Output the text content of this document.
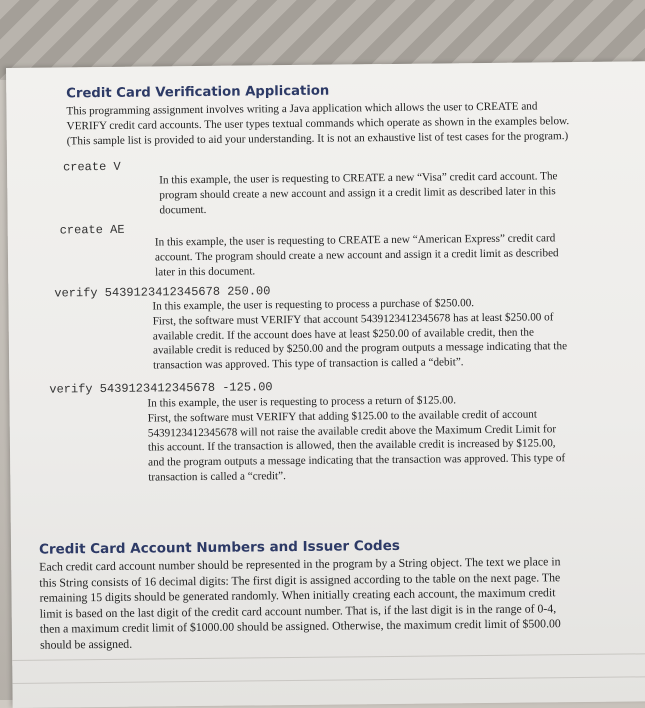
Credit Card Verification Application
This programming assignment involves writing a Java application which allows the user to CREATE and
VERIFY credit card accounts. The user types textual commands which operate as shown in the examples below.
(This sample list is provided to aid your understanding. It is not an exhaustive list of test cases for the program.)
create V
In this example, the user is requesting to CREATE a new “Visa” credit card account. The
program should create a new account and assign it a credit limit as described later in this
document.
create AE
In this example, the user is requesting to CREATE a new “American Express” credit card
account. The program should create a new account and assign it a credit limit as described
later in this document.
verify 5439123412345678 250.00
In this example, the user is requesting to process a purchase of $250.00.
First, the software must VERIFY that account 5439123412345678 has at least $250.00 of
available credit. If the account does have at least $250.00 of available credit, then the
available credit is reduced by $250.00 and the program outputs a message indicating that the
transaction was approved. This type of transaction is called a “debit”.
verify 5439123412345678 -125.00
In this example, the user is requesting to process a return of $125.00.
First, the software must VERIFY that adding $125.00 to the available credit of account
5439123412345678 will not raise the available credit above the Maximum Credit Limit for
this account. If the transaction is allowed, then the available credit is increased by $125.00,
and the program outputs a message indicating that the transaction was approved. This type of
transaction is called a “credit”.
Credit Card Account Numbers and Issuer Codes
Each credit card account number should be represented in the program by a String object. The text we place in
this String consists of 16 decimal digits: The first digit is assigned according to the table on the next page. The
remaining 15 digits should be generated randomly. When initially creating each account, the maximum credit
limit is based on the last digit of the credit card account number. That is, if the last digit is in the range of 0-4,
then a maximum credit limit of $1000.00 should be assigned. Otherwise, the maximum credit limit of $500.00
should be assigned.
